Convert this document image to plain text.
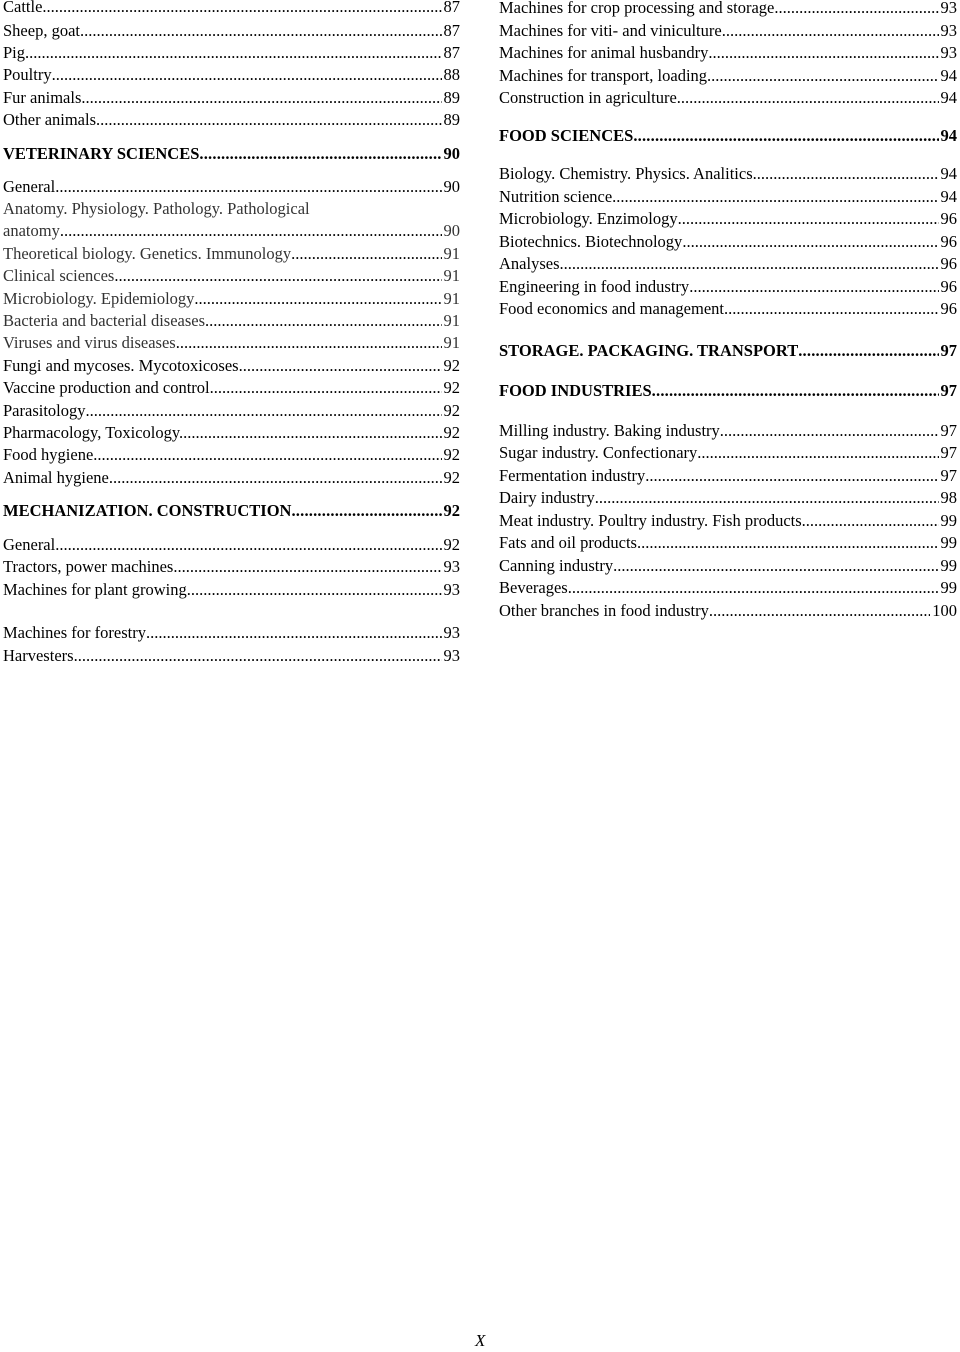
Cattle .....	87
Sheep, goat .....	87
Pig .....	87
Poultry .....	88
Fur animals .....	89
Other animals .....	89
VETERINARY SCIENCES .....	90
General .....	90
Anatomy. Physiology. Pathology. Pathological
anatomy .....	90
Theoretical biology. Genetics. Immunology .....	91
Clinical sciences .....	91
Microbiology. Epidemiology .....	91
Bacteria and bacterial diseases .....	91
Viruses and virus diseases .....	91
Fungi and mycoses. Mycotoxicoses .....	92
Vaccine production and control .....	92
Parasitology .....	92
Pharmacology, Toxicology. .....	92
Food hygiene .....	92
Animal hygiene .....	92
MECHANIZATION. CONSTRUCTION .....	92
General .....	92
Tractors, power machines .....	93
Machines for plant growing .....	93
Machines for forestry .....	93
Harvesters .....	93
Machines for crop processing and storage .....	93
Machines for viti- and viniculture .....	93
Machines for animal husbandry .....	93
Machines for transport, loading .....	94
Construction in agriculture .....	94
FOOD SCIENCES .....	94
Biology. Chemistry. Physics. Analitics .....	94
Nutrition science .....	94
Microbiology. Enzimology .....	96
Biotechnics. Biotechnology .....	96
Analyses .....	96
Engineering in food industry .....	96
Food economics and management .....	96
STORAGE. PACKAGING. TRANSPORT .....	97
FOOD INDUSTRIES .....	97
Milling industry. Baking industry .....	97
Sugar industry. Confectionary .....	97
Fermentation industry .....	97
Dairy industry .....	98
Meat industry. Poultry industry. Fish products .....	99
Fats and oil products .....	99
Canning industry .....	99
Beverages .....	99
Other branches in food industry .....	100
X
